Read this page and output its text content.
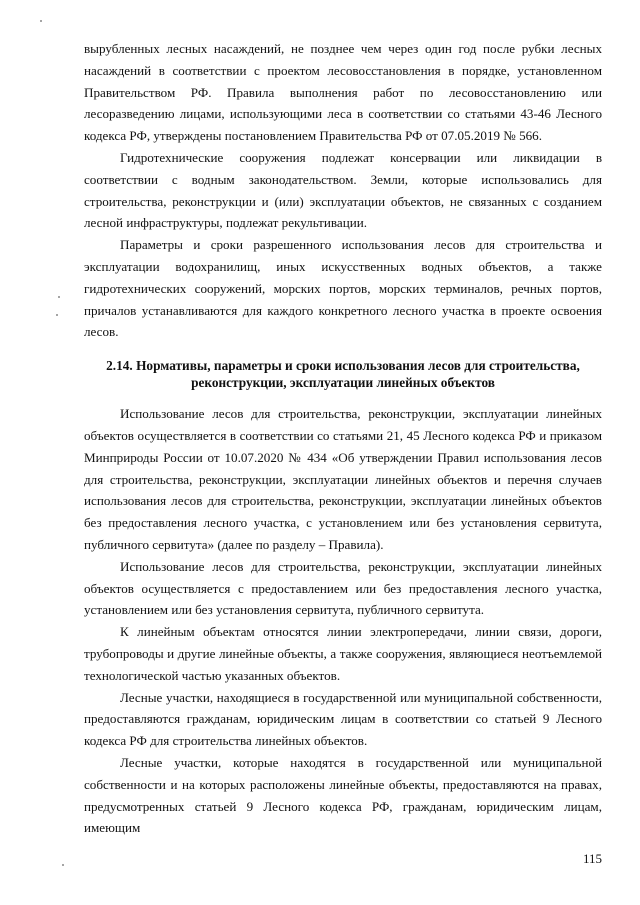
вырубленных лесных насаждений, не позднее чем через один год после рубки лесных насаждений в соответствии с проектом лесовосстановления в порядке, установленном Правительством РФ. Правила выполнения работ по лесовосстановлению или лесоразведению лицами, использующими леса в соответствии со статьями 43-46 Лесного кодекса РФ, утверждены постановлением Правительства РФ от 07.05.2019 № 566.

Гидротехнические сооружения подлежат консервации или ликвидации в соответствии с водным законодательством. Земли, которые использовались для строительства, реконструкции и (или) эксплуатации объектов, не связанных с созданием лесной инфраструктуры, подлежат рекультивации.

Параметры и сроки разрешенного использования лесов для строительства и эксплуатации водохранилищ, иных искусственных водных объектов, а также гидротехнических сооружений, морских портов, морских терминалов, речных портов, причалов устанавливаются для каждого конкретного лесного участка в проекте освоения лесов.

2.14. Нормативы, параметры и сроки использования лесов для строительства,
реконструкции, эксплуатации линейных объектов

Использование лесов для строительства, реконструкции, эксплуатации линейных объектов осуществляется в соответствии со статьями 21, 45 Лесного кодекса РФ и приказом Минприроды России от 10.07.2020 № 434 «Об утверждении Правил использования лесов для строительства, реконструкции, эксплуатации линейных объектов и перечня случаев использования лесов для строительства, реконструкции, эксплуатации линейных объектов без предоставления лесного участка, с установлением или без установления сервитута, публичного сервитута» (далее по разделу – Правила).

Использование лесов для строительства, реконструкции, эксплуатации линейных объектов осуществляется с предоставлением или без предоставления лесного участка, установлением или без установления сервитута, публичного сервитута.

К линейным объектам относятся линии электропередачи, линии связи, дороги, трубопроводы и другие линейные объекты, а также сооружения, являющиеся неотъемлемой технологической частью указанных объектов.

Лесные участки, находящиеся в государственной или муниципальной собственности, предоставляются гражданам, юридическим лицам в соответствии со статьей 9 Лесного кодекса РФ для строительства линейных объектов.

Лесные участки, которые находятся в государственной или муниципальной собственности и на которых расположены линейные объекты, предоставляются на правах, предусмотренных статьей 9 Лесного кодекса РФ, гражданам, юридическим лицам, имеющим

115
